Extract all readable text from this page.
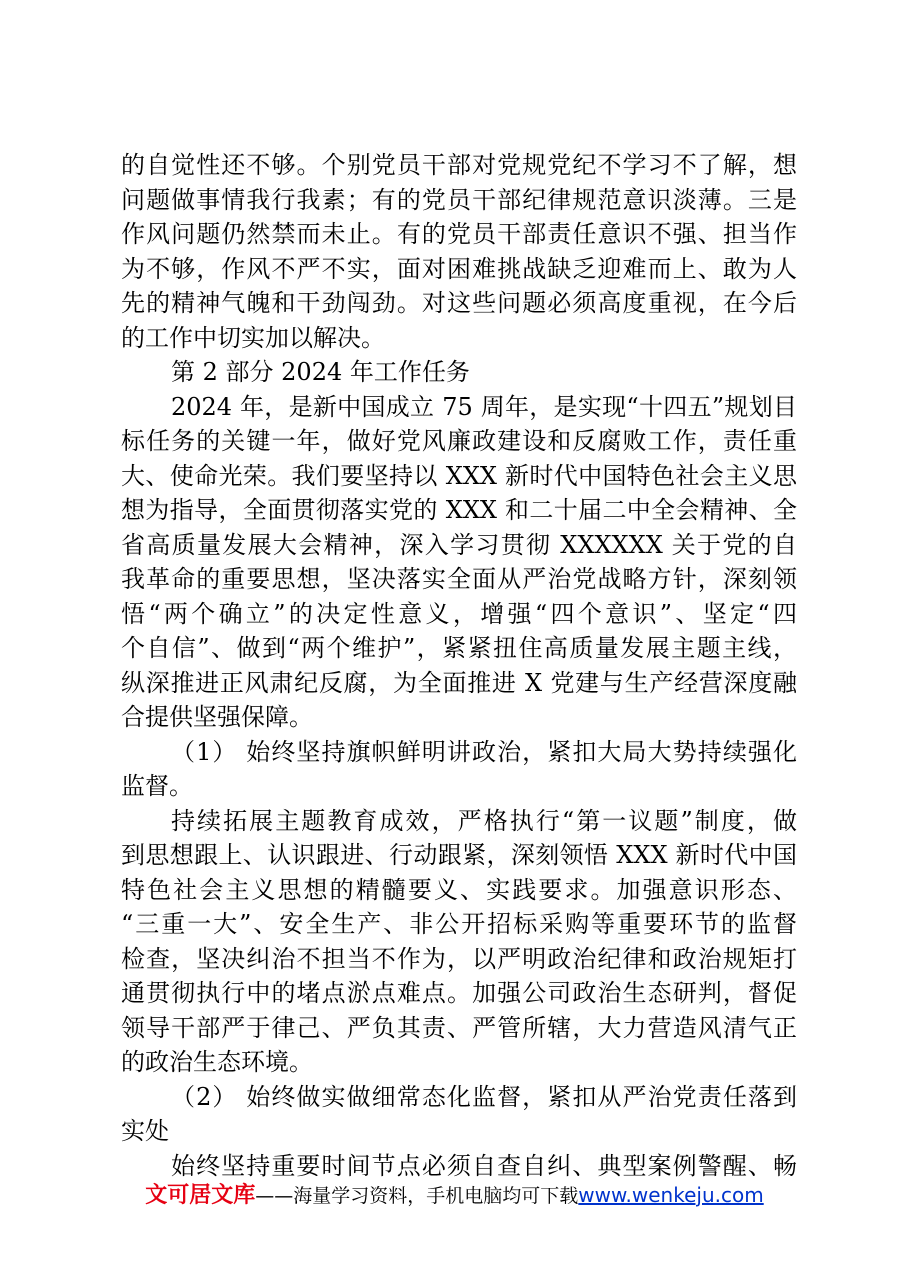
的自觉性还不够。个别党员干部对党规党纪不学习不了解，想
问题做事情我行我素；有的党员干部纪律规范意识淡薄。三是
作风问题仍然禁而未止。有的党员干部责任意识不强、担当作
为不够，作风不严不实，面对困难挑战缺乏迎难而上、敢为人
先的精神气魄和干劲闯劲。对这些问题必须高度重视，在今后
的工作中切实加以解决。
第 2 部分 2024 年工作任务
2024 年，是新中国成立 75 周年，是实现“十四五”规划目
标任务的关键一年，做好党风廉政建设和反腐败工作，责任重
大、使命光荣。我们要坚持以 XXX 新时代中国特色社会主义思
想为指导，全面贯彻落实党的 XXX 和二十届二中全会精神、全
省高质量发展大会精神，深入学习贯彻 XXXXXX 关于党的自
我革命的重要思想，坚决落实全面从严治党战略方针，深刻领
悟“两个确立”的决定性意义，增强“四个意识”、坚定“四
个自信”、做到“两个维护”，紧紧扭住高质量发展主题主线，
纵深推进正风肃纪反腐，为全面推进 X 党建与生产经营深度融
合提供坚强保障。
（1） 始终坚持旗帜鲜明讲政治，紧扣大局大势持续强化
监督。
持续拓展主题教育成效，严格执行“第一议题”制度，做
到思想跟上、认识跟进、行动跟紧，深刻领悟 XXX 新时代中国
特色社会主义思想的精髓要义、实践要求。加强意识形态、
“三重一大”、安全生产、非公开招标采购等重要环节的监督
检查，坚决纠治不担当不作为，以严明政治纪律和政治规矩打
通贯彻执行中的堵点淤点难点。加强公司政治生态研判，督促
领导干部严于律己、严负其责、严管所辖，大力营造风清气正
的政治生态环境。
（2） 始终做实做细常态化监督，紧扣从严治党责任落到
实处
始终坚持重要时间节点必须自查自纠、典型案例警醒、畅
文可居文库——海量学习资料，手机电脑均可下载www.wenkeju.com
